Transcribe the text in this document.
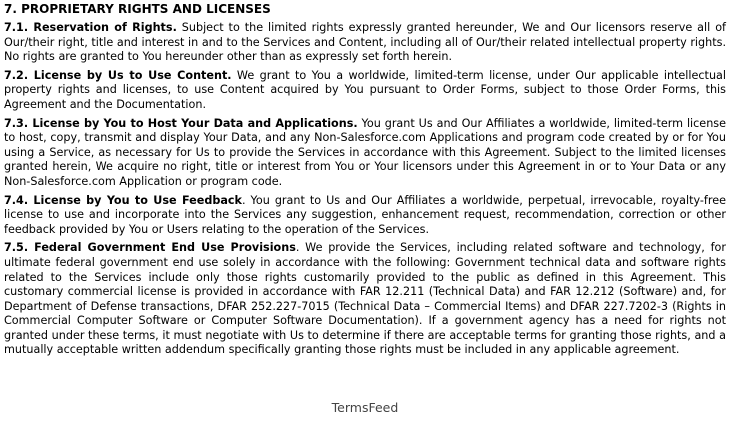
7. PROPRIETARY RIGHTS AND LICENSES

7.1. Reservation of Rights. Subject to the limited rights expressly granted hereunder, We and Our licensors reserve all of Our/their right, title and interest in and to the Services and Content, including all of Our/their related intellectual property rights. No rights are granted to You hereunder other than as expressly set forth herein.

7.2. License by Us to Use Content. We grant to You a worldwide, limited-term license, under Our applicable intellectual property rights and licenses, to use Content acquired by You pursuant to Order Forms, subject to those Order Forms, this Agreement and the Documentation.

7.3. License by You to Host Your Data and Applications. You grant Us and Our Affiliates a worldwide, limited-term license to host, copy, transmit and display Your Data, and any Non-Salesforce.com Applications and program code created by or for You using a Service, as necessary for Us to provide the Services in accordance with this Agreement. Subject to the limited licenses granted herein, We acquire no right, title or interest from You or Your licensors under this Agreement in or to Your Data or any Non-Salesforce.com Application or program code.

7.4. License by You to Use Feedback. You grant to Us and Our Affiliates a worldwide, perpetual, irrevocable, royalty-free license to use and incorporate into the Services any suggestion, enhancement request, recommendation, correction or other feedback provided by You or Users relating to the operation of the Services.

7.5. Federal Government End Use Provisions. We provide the Services, including related software and technology, for ultimate federal government end use solely in accordance with the following: Government technical data and software rights related to the Services include only those rights customarily provided to the public as defined in this Agreement. This customary commercial license is provided in accordance with FAR 12.211 (Technical Data) and FAR 12.212 (Software) and, for Department of Defense transactions, DFAR 252.227-7015 (Technical Data – Commercial Items) and DFAR 227.7202-3 (Rights in Commercial Computer Software or Computer Software Documentation). If a government agency has a need for rights not granted under these terms, it must negotiate with Us to determine if there are acceptable terms for granting those rights, and a mutually acceptable written addendum specifically granting those rights must be included in any applicable agreement.

TermsFeed
